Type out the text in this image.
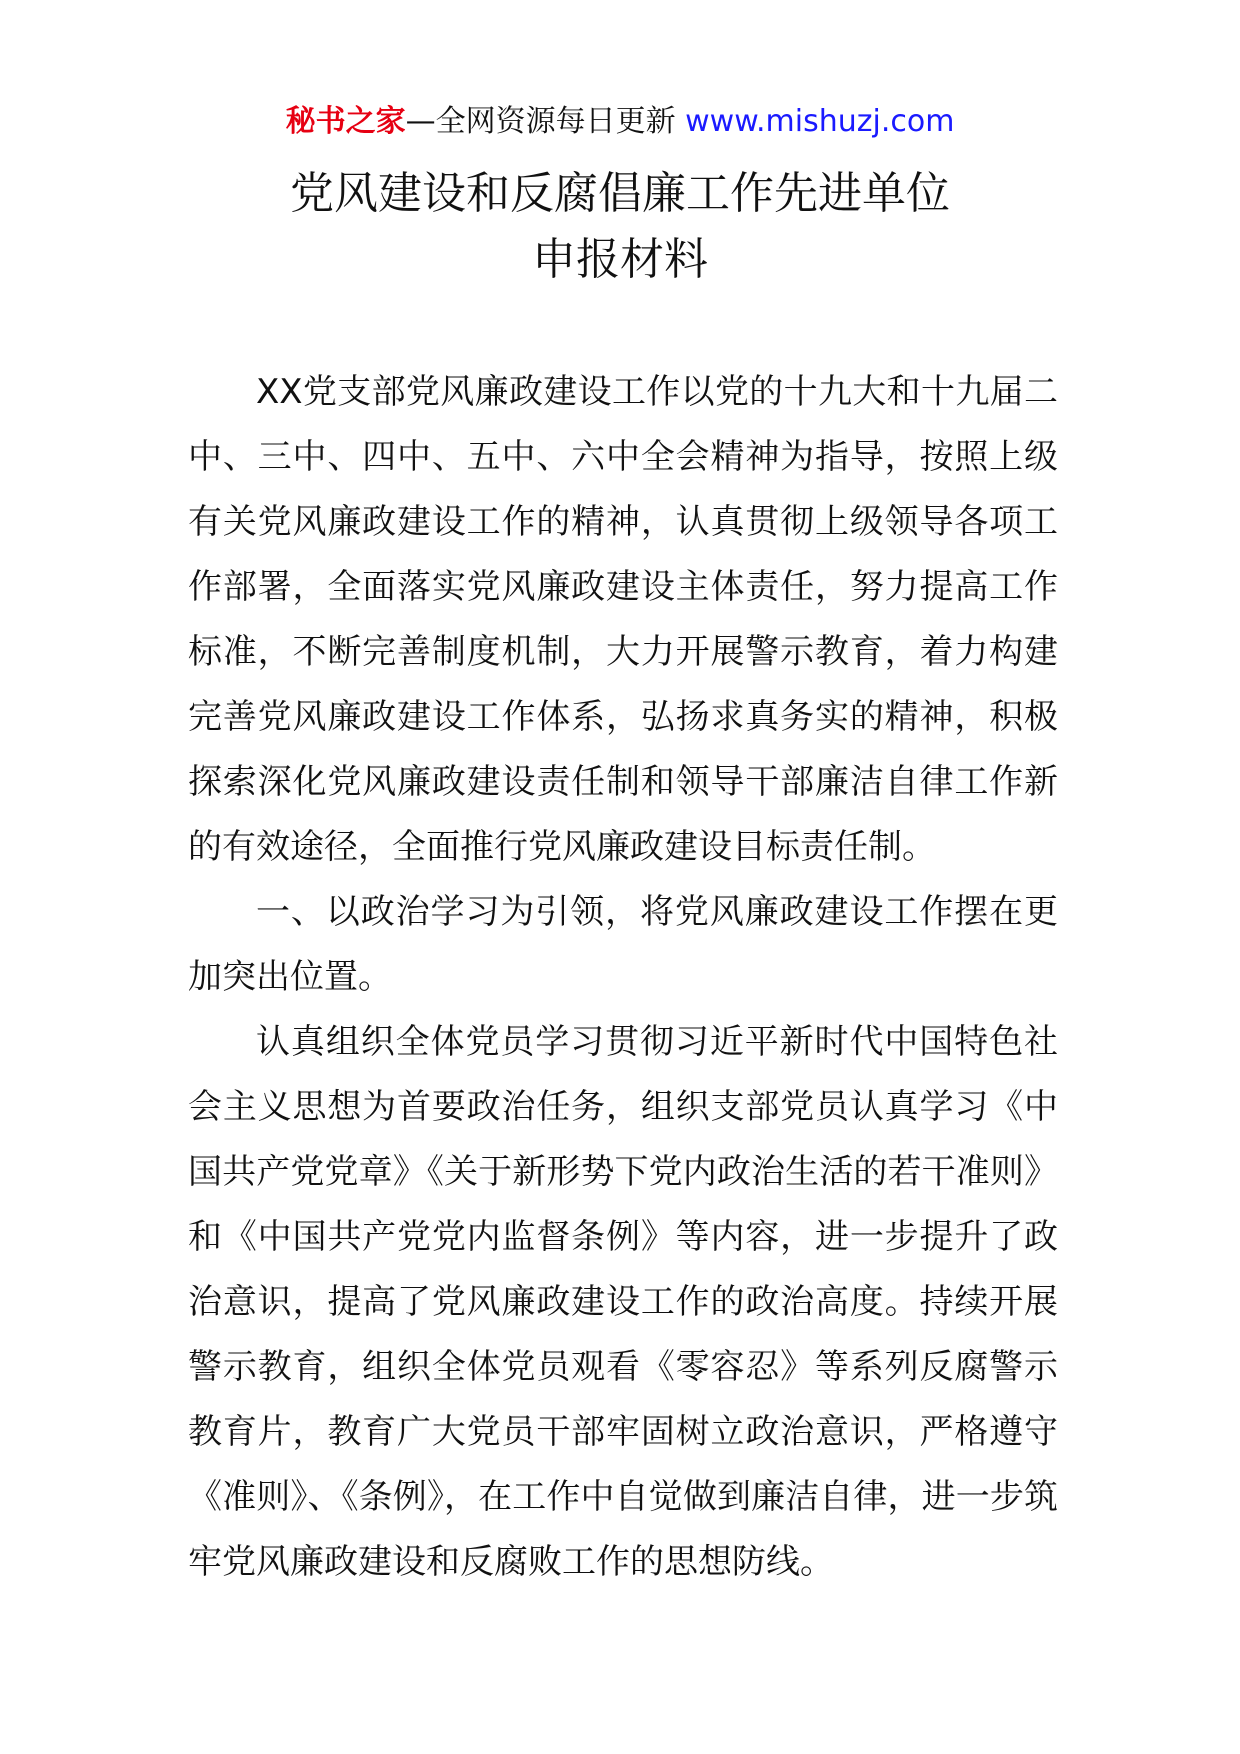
秘书之家—全网资源每日更新 www.mishuzj.com
党风建设和反腐倡廉工作先进单位
申报材料

XX党支部党风廉政建设工作以党的十九大和十九届二中、三中、四中、五中、六中全会精神为指导，按照上级有关党风廉政建设工作的精神，认真贯彻上级领导各项工作部署，全面落实党风廉政建设主体责任，努力提高工作标准，不断完善制度机制，大力开展警示教育，着力构建完善党风廉政建设工作体系，弘扬求真务实的精神，积极探索深化党风廉政建设责任制和领导干部廉洁自律工作新的有效途径，全面推行党风廉政建设目标责任制。

一、以政治学习为引领，将党风廉政建设工作摆在更加突出位置。

认真组织全体党员学习贯彻习近平新时代中国特色社会主义思想为首要政治任务，组织支部党员认真学习《中国共产党党章》《关于新形势下党内政治生活的若干准则》和《中国共产党党内监督条例》等内容，进一步提升了政治意识，提高了党风廉政建设工作的政治高度。持续开展警示教育，组织全体党员观看《零容忍》等系列反腐警示教育片，教育广大党员干部牢固树立政治意识，严格遵守《准则》、《条例》，在工作中自觉做到廉洁自律，进一步筑牢党风廉政建设和反腐败工作的思想防线。
